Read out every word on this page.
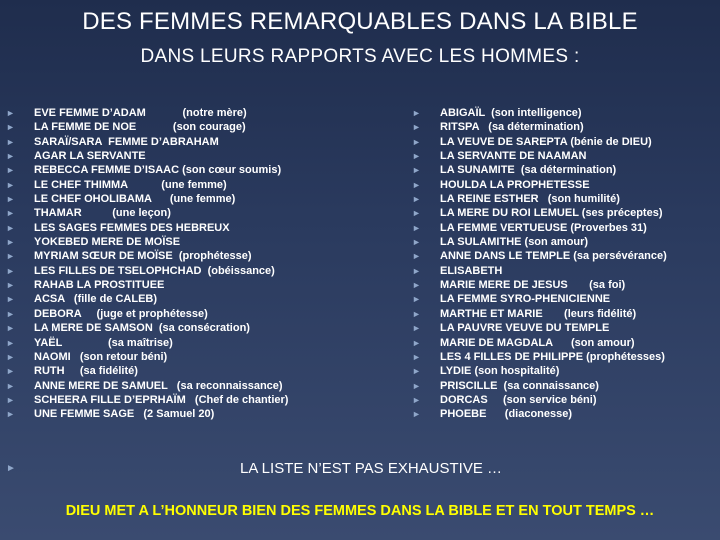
DES FEMMES REMARQUABLES DANS LA BIBLE
DANS LEURS RAPPORTS AVEC LES HOMMES :
► EVE FEMME D’ADAM            (notre mère)
► LA FEMME DE NOE            (son courage)
► SARAÏ/SARA  FEMME D’ABRAHAM
► AGAR LA SERVANTE
► REBECCA FEMME D’ISAAC (son cœur soumis)
► LE CHEF THIMMA           (une femme)
► LE CHEF OHOLIBAMA      (une femme)
► THAMAR          (une leçon)
► LES SAGES FEMMES DES HEBREUX
► YOKEBED MERE DE MOÏSE
► MYRIAM SŒUR DE MOÏSE  (prophétesse)
► LES FILLES DE TSELOPHCHAD  (obéissance)
► RAHAB LA PROSTITUEE
► ACSA   (fille de CALEB)
► DEBORA     (juge et prophétesse)
► LA MERE DE SAMSON  (sa consécration)
► YAËL               (sa maîtrise)
► NAOMI   (son retour béni)
► RUTH     (sa fidélité)
► ANNE MERE DE SAMUEL   (sa reconnaissance)
► SCHEERA FILLE D’EPRHAÏM   (Chef de chantier)
► UNE FEMME SAGE   (2 Samuel 20)
► ABIGAÏL  (son intelligence)
► RITSPA   (sa détermination)
► LA VEUVE DE SAREPTA (bénie de DIEU)
► LA SERVANTE DE NAAMAN
► LA SUNAMITE  (sa détermination)
► HOULDA LA PROPHETESSE
► LA REINE ESTHER   (son humilité)
► LA MERE DU ROI LEMUEL (ses préceptes)
► LA FEMME VERTUEUSE (Proverbes 31)
► LA SULAMITHE (son amour)
► ANNE DANS LE TEMPLE (sa persévérance)
► ELISABETH
► MARIE MERE DE JESUS       (sa foi)
► LA FEMME SYRO-PHENICIENNE
► MARTHE ET MARIE       (leurs fidélité)
► LA PAUVRE VEUVE DU TEMPLE
► MARIE DE MAGDALA      (son amour)
► LES 4 FILLES DE PHILIPPE (prophétesses)
► LYDIE (son hospitalité)
► PRISCILLE  (sa connaissance)
► DORCAS     (son service béni)
► PHOEBE      (diaconesse)
►	LA LISTE N’EST PAS EXHAUSTIVE …
DIEU MET A L’HONNEUR BIEN DES FEMMES DANS LA BIBLE ET EN TOUT TEMPS …
